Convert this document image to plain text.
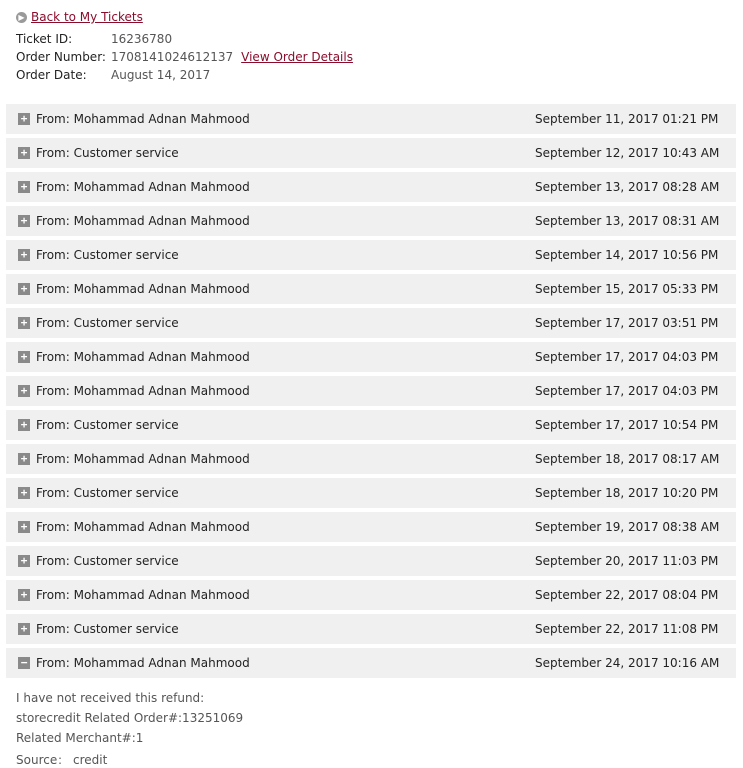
▶ Back to My Tickets
Ticket ID:	16236780
Order Number: 1708141024612137 View Order Details
Order Date: August 14, 2017
+ From: Mohammad Adnan Mahmood	September 11, 2017 01:21 PM
+ From: Customer service	September 12, 2017 10:43 AM
+ From: Mohammad Adnan Mahmood	September 13, 2017 08:28 AM
+ From: Mohammad Adnan Mahmood	September 13, 2017 08:31 AM
+ From: Customer service	September 14, 2017 10:56 PM
+ From: Mohammad Adnan Mahmood	September 15, 2017 05:33 PM
+ From: Customer service	September 17, 2017 03:51 PM
+ From: Mohammad Adnan Mahmood	September 17, 2017 04:03 PM
+ From: Mohammad Adnan Mahmood	September 17, 2017 04:03 PM
+ From: Customer service	September 17, 2017 10:54 PM
+ From: Mohammad Adnan Mahmood	September 18, 2017 08:17 AM
+ From: Customer service	September 18, 2017 10:20 PM
+ From: Mohammad Adnan Mahmood	September 19, 2017 08:38 AM
+ From: Customer service	September 20, 2017 11:03 PM
+ From: Mohammad Adnan Mahmood	September 22, 2017 08:04 PM
+ From: Customer service	September 22, 2017 11:08 PM
− From: Mohammad Adnan Mahmood	September 24, 2017 10:16 AM
I have not received this refund:
storecredit Related Order#:13251069
Related Merchant#:1
Source： credit
